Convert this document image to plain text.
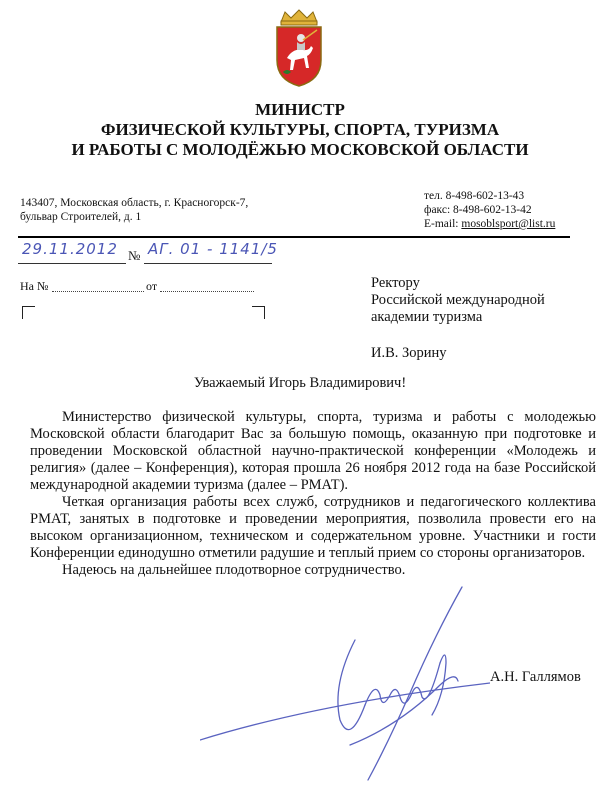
МИНИСТР
ФИЗИЧЕСКОЙ КУЛЬТУРЫ, СПОРТА, ТУРИЗМА
И РАБОТЫ С МОЛОДЁЖЬЮ МОСКОВСКОЙ ОБЛАСТИ
143407, Московская область, г. Красногорск-7,
бульвар Строителей, д. 1
тел. 8-498-602-13-43
факс: 8-498-602-13-42
E-mail: mosoblsport@list.ru
29.11.2012 № АГ. 01 - 1141/5
На №	от	Ректору
Российской международной
академии туризма
И.В. Зорину
Уважаемый Игорь Владимирович!

Министерство физической культуры, спорта, туризма и работы с молодежью Московской области благодарит Вас за большую помощь, оказанную при подготовке и проведении Московской областной научно-практической конференции «Молодежь и религия» (далее – Конференция), которая прошла 26 ноября 2012 года на базе Российской международной академии туризма (далее – РМАТ).

Четкая организация работы всех служб, сотрудников и педагогического коллектива РМАТ, занятых в подготовке и проведении мероприятия, позволила провести его на высоком организационном, техническом и содержательном уровне. Участники и гости Конференции единодушно отметили радушие и теплый прием со стороны организаторов.

Надеюсь на дальнейшее плодотворное сотрудничество.

А.Н. Галлямов
